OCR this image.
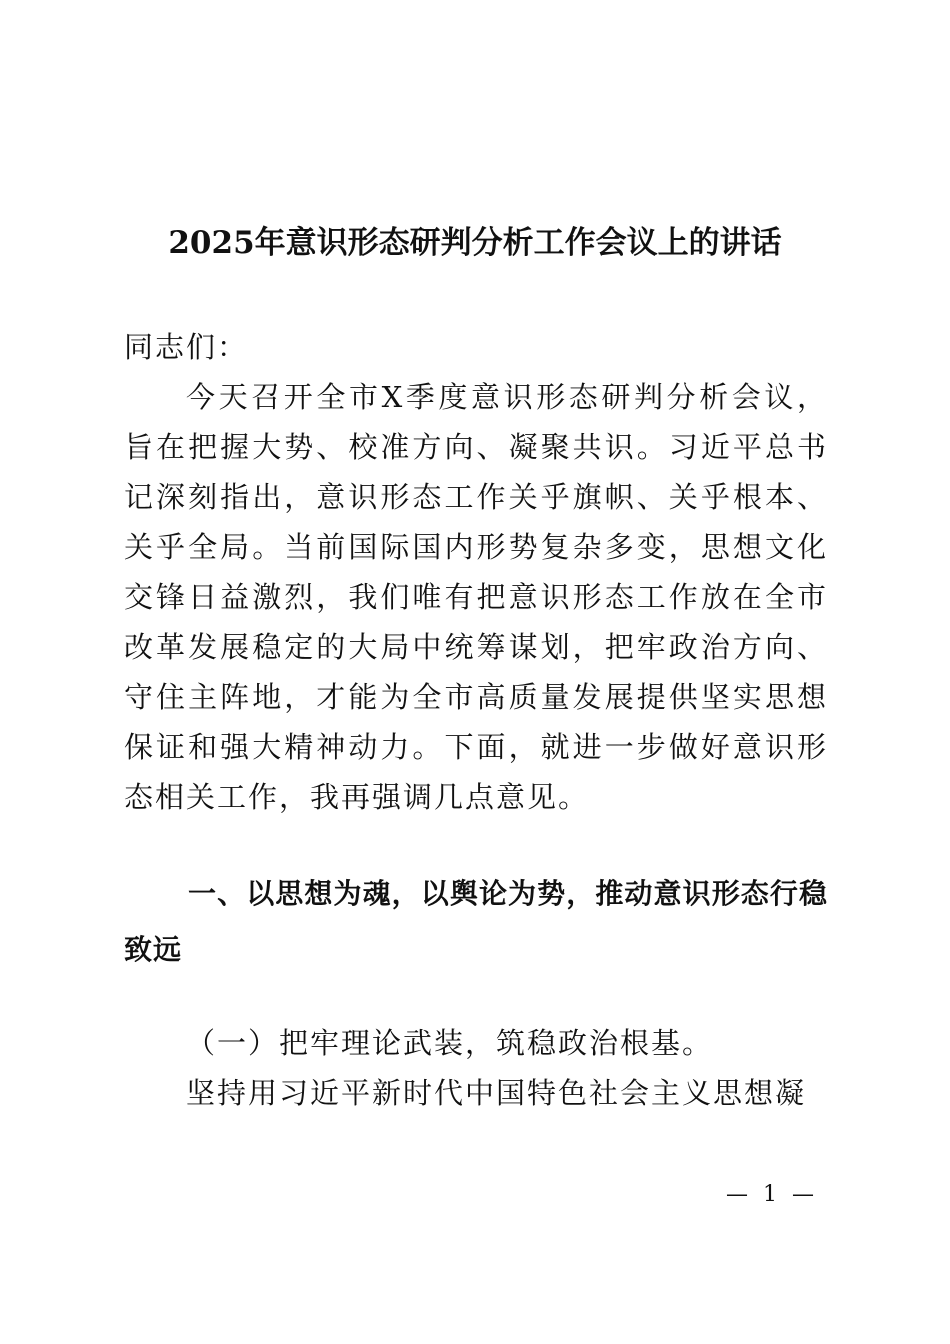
2025年意识形态研判分析工作会议上的讲话
同志们：
今天召开全市X季度意识形态研判分析会议，旨在把握大势、校准方向、凝聚共识。习近平总书记深刻指出，意识形态工作关乎旗帜、关乎根本、关乎全局。当前国际国内形势复杂多变，思想文化交锋日益激烈，我们唯有把意识形态工作放在全市改革发展稳定的大局中统筹谋划，把牢政治方向、守住主阵地，才能为全市高质量发展提供坚实思想保证和强大精神动力。下面，就进一步做好意识形态相关工作，我再强调几点意见。
一、以思想为魂，以舆论为势，推动意识形态行稳致远
（一）把牢理论武装，筑稳政治根基。
坚持用习近平新时代中国特色社会主义思想凝
— 1 —
